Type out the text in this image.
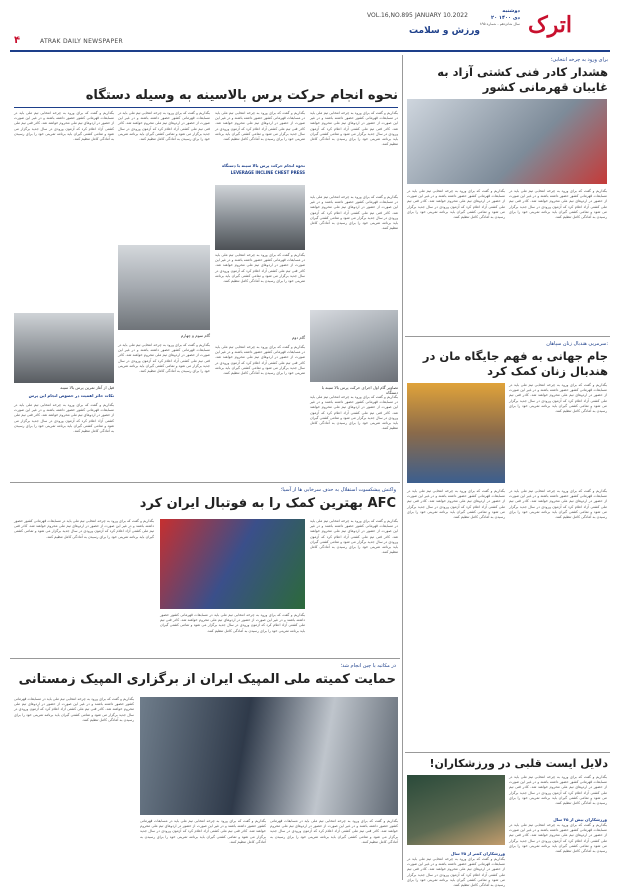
اترک
دوشنبه
۲۰ دی ۱۴۰۰
سال شانزدهم - شماره ۸۹۵
VOL.16,NO.895 JANUARY 10.2022
ورزش و سلامت
۴	ATRAK DAILY NEWSPAPER
برای ورود به چرخه انتخابی؛
هشدار کادر فنی کشتی آزاد به غایبان قهرمانی کشور
بگذاریم و گفت که برای ورود به چرخه انتخابی تیم ملی باید در مسابقات قهرمانی کشور حضور داشته باشند و در غیر این صورت از حضور در اردوهای تیم ملی محروم خواهند شد. کادر فنی تیم ملی کشتی آزاد اعلام کرد که آزمون ورودی در سال جدید برگزار می شود و تمامی کشتی گیران باید برنامه تمرینی خود را برای رسیدن به آمادگی کامل تنظیم کنند.
بگذاریم و گفت که برای ورود به چرخه انتخابی تیم ملی باید در مسابقات قهرمانی کشور حضور داشته باشند و در غیر این صورت از حضور در اردوهای تیم ملی محروم خواهند شد. کادر فنی تیم ملی کشتی آزاد اعلام کرد که آزمون ورودی در سال جدید برگزار می شود و تمامی کشتی گیران باید برنامه تمرینی خود را برای رسیدن به آمادگی کامل تنظیم کنند.
سرمربی هندبال زنان سپاهان:
جام جهانی به فهم جایگاه مان در هندبال زنان کمک کرد
بگذاریم و گفت که برای ورود به چرخه انتخابی تیم ملی باید در مسابقات قهرمانی کشور حضور داشته باشند و در غیر این صورت از حضور در اردوهای تیم ملی محروم خواهند شد. کادر فنی تیم ملی کشتی آزاد اعلام کرد که آزمون ورودی در سال جدید برگزار می شود و تمامی کشتی گیران باید برنامه تمرینی خود را برای رسیدن به آمادگی کامل تنظیم کنند.
بگذاریم و گفت که برای ورود به چرخه انتخابی تیم ملی باید در مسابقات قهرمانی کشور حضور داشته باشند و در غیر این صورت از حضور در اردوهای تیم ملی محروم خواهند شد. کادر فنی تیم ملی کشتی آزاد اعلام کرد که آزمون ورودی در سال جدید برگزار می شود و تمامی کشتی گیران باید برنامه تمرینی خود را برای رسیدن به آمادگی کامل تنظیم کنند.
بگذاریم و گفت که برای ورود به چرخه انتخابی تیم ملی باید در مسابقات قهرمانی کشور حضور داشته باشند و در غیر این صورت از حضور در اردوهای تیم ملی محروم خواهند شد. کادر فنی تیم ملی کشتی آزاد اعلام کرد که آزمون ورودی در سال جدید برگزار می شود و تمامی کشتی گیران باید برنامه تمرینی خود را برای رسیدن به آمادگی کامل تنظیم کنند.
دلایل ایست قلبی در ورزشکاران!
بگذاریم و گفت که برای ورود به چرخه انتخابی تیم ملی باید در مسابقات قهرمانی کشور حضور داشته باشند و در غیر این صورت از حضور در اردوهای تیم ملی محروم خواهند شد. کادر فنی تیم ملی کشتی آزاد اعلام کرد که آزمون ورودی در سال جدید برگزار می شود و تمامی کشتی گیران باید برنامه تمرینی خود را برای رسیدن به آمادگی کامل تنظیم کنند.
ورزشکاران بیش از ۳۵ سال
بگذاریم و گفت که برای ورود به چرخه انتخابی تیم ملی باید در مسابقات قهرمانی کشور حضور داشته باشند و در غیر این صورت از حضور در اردوهای تیم ملی محروم خواهند شد. کادر فنی تیم ملی کشتی آزاد اعلام کرد که آزمون ورودی در سال جدید برگزار می شود و تمامی کشتی گیران باید برنامه تمرینی خود را برای رسیدن به آمادگی کامل تنظیم کنند.
ورزشکاران کمتر از ۳۵ سال
بگذاریم و گفت که برای ورود به چرخه انتخابی تیم ملی باید در مسابقات قهرمانی کشور حضور داشته باشند و در غیر این صورت از حضور در اردوهای تیم ملی محروم خواهند شد. کادر فنی تیم ملی کشتی آزاد اعلام کرد که آزمون ورودی در سال جدید برگزار می شود و تمامی کشتی گیران باید برنامه تمرینی خود را برای رسیدن به آمادگی کامل تنظیم کنند.
نحوه انجام حرکت پرس بالاسینه به وسیله دستگاه
بگذاریم و گفت که برای ورود به چرخه انتخابی تیم ملی باید در مسابقات قهرمانی کشور حضور داشته باشند و در غیر این صورت از حضور در اردوهای تیم ملی محروم خواهند شد. کادر فنی تیم ملی کشتی آزاد اعلام کرد که آزمون ورودی در سال جدید برگزار می شود و تمامی کشتی گیران باید برنامه تمرینی خود را برای رسیدن به آمادگی کامل تنظیم کنند.
بگذاریم و گفت که برای ورود به چرخه انتخابی تیم ملی باید در مسابقات قهرمانی کشور حضور داشته باشند و در غیر این صورت از حضور در اردوهای تیم ملی محروم خواهند شد. کادر فنی تیم ملی کشتی آزاد اعلام کرد که آزمون ورودی در سال جدید برگزار می شود و تمامی کشتی گیران باید برنامه تمرینی خود را برای رسیدن به آمادگی کامل تنظیم کنند.
تصاویر گام اول اجرای حرکت پرس بالا سینه با دستگاه
بگذاریم و گفت که برای ورود به چرخه انتخابی تیم ملی باید در مسابقات قهرمانی کشور حضور داشته باشند و در غیر این صورت از حضور در اردوهای تیم ملی محروم خواهند شد. کادر فنی تیم ملی کشتی آزاد اعلام کرد که آزمون ورودی در سال جدید برگزار می شود و تمامی کشتی گیران باید برنامه تمرینی خود را برای رسیدن به آمادگی کامل تنظیم کنند.
بگذاریم و گفت که برای ورود به چرخه انتخابی تیم ملی باید در مسابقات قهرمانی کشور حضور داشته باشند و در غیر این صورت از حضور در اردوهای تیم ملی محروم خواهند شد. کادر فنی تیم ملی کشتی آزاد اعلام کرد که آزمون ورودی در سال جدید برگزار می شود و تمامی کشتی گیران باید برنامه تمرینی خود را برای رسیدن به آمادگی کامل تنظیم کنند.
نحوه انجام حرکت پرس بالا سینه با دستگاه
LEVERAGE INCLINE CHEST PRESS
بگذاریم و گفت که برای ورود به چرخه انتخابی تیم ملی باید در مسابقات قهرمانی کشور حضور داشته باشند و در غیر این صورت از حضور در اردوهای تیم ملی محروم خواهند شد. کادر فنی تیم ملی کشتی آزاد اعلام کرد که آزمون ورودی در سال جدید برگزار می شود و تمامی کشتی گیران باید برنامه تمرینی خود را برای رسیدن به آمادگی کامل تنظیم کنند.
گام دوم
بگذاریم و گفت که برای ورود به چرخه انتخابی تیم ملی باید در مسابقات قهرمانی کشور حضور داشته باشند و در غیر این صورت از حضور در اردوهای تیم ملی محروم خواهند شد. کادر فنی تیم ملی کشتی آزاد اعلام کرد که آزمون ورودی در سال جدید برگزار می شود و تمامی کشتی گیران باید برنامه تمرینی خود را برای رسیدن به آمادگی کامل تنظیم کنند.
بگذاریم و گفت که برای ورود به چرخه انتخابی تیم ملی باید در مسابقات قهرمانی کشور حضور داشته باشند و در غیر این صورت از حضور در اردوهای تیم ملی محروم خواهند شد. کادر فنی تیم ملی کشتی آزاد اعلام کرد که آزمون ورودی در سال جدید برگزار می شود و تمامی کشتی گیران باید برنامه تمرینی خود را برای رسیدن به آمادگی کامل تنظیم کنند.
گام سوم و چهارم
بگذاریم و گفت که برای ورود به چرخه انتخابی تیم ملی باید در مسابقات قهرمانی کشور حضور داشته باشند و در غیر این صورت از حضور در اردوهای تیم ملی محروم خواهند شد. کادر فنی تیم ملی کشتی آزاد اعلام کرد که آزمون ورودی در سال جدید برگزار می شود و تمامی کشتی گیران باید برنامه تمرینی خود را برای رسیدن به آمادگی کامل تنظیم کنند.
بگذاریم و گفت که برای ورود به چرخه انتخابی تیم ملی باید در مسابقات قهرمانی کشور حضور داشته باشند و در غیر این صورت از حضور در اردوهای تیم ملی محروم خواهند شد. کادر فنی تیم ملی کشتی آزاد اعلام کرد که آزمون ورودی در سال جدید برگزار می شود و تمامی کشتی گیران باید برنامه تمرینی خود را برای رسیدن به آمادگی کامل تنظیم کنند.
فیل از آغاز تمرین پرس بالا سینه
تکات حائز اهمیت در خصوص انجام این پرس
بگذاریم و گفت که برای ورود به چرخه انتخابی تیم ملی باید در مسابقات قهرمانی کشور حضور داشته باشند و در غیر این صورت از حضور در اردوهای تیم ملی محروم خواهند شد. کادر فنی تیم ملی کشتی آزاد اعلام کرد که آزمون ورودی در سال جدید برگزار می شود و تمامی کشتی گیران باید برنامه تمرینی خود را برای رسیدن به آمادگی کامل تنظیم کنند.
واکنش پیشکسوت استقلال به حذف سرخابی ها از آسیا؛
AFC بهترین کمک را به فوتبال ایران کرد
بگذاریم و گفت که برای ورود به چرخه انتخابی تیم ملی باید در مسابقات قهرمانی کشور حضور داشته باشند و در غیر این صورت از حضور در اردوهای تیم ملی محروم خواهند شد. کادر فنی تیم ملی کشتی آزاد اعلام کرد که آزمون ورودی در سال جدید برگزار می شود و تمامی کشتی گیران باید برنامه تمرینی خود را برای رسیدن به آمادگی کامل تنظیم کنند.
بگذاریم و گفت که برای ورود به چرخه انتخابی تیم ملی باید در مسابقات قهرمانی کشور حضور داشته باشند و در غیر این صورت از حضور در اردوهای تیم ملی محروم خواهند شد. کادر فنی تیم ملی کشتی آزاد اعلام کرد که آزمون ورودی در سال جدید برگزار می شود و تمامی کشتی گیران باید برنامه تمرینی خود را برای رسیدن به آمادگی کامل تنظیم کنند.
بگذاریم و گفت که برای ورود به چرخه انتخابی تیم ملی باید در مسابقات قهرمانی کشور حضور داشته باشند و در غیر این صورت از حضور در اردوهای تیم ملی محروم خواهند شد. کادر فنی تیم ملی کشتی آزاد اعلام کرد که آزمون ورودی در سال جدید برگزار می شود و تمامی کشتی گیران باید برنامه تمرینی خود را برای رسیدن به آمادگی کامل تنظیم کنند.
در مکاتبه با چین انجام شد؛
حمایت کمیته ملی المپیک ایران از برگزاری المپیک زمستانی
بگذاریم و گفت که برای ورود به چرخه انتخابی تیم ملی باید در مسابقات قهرمانی کشور حضور داشته باشند و در غیر این صورت از حضور در اردوهای تیم ملی محروم خواهند شد. کادر فنی تیم ملی کشتی آزاد اعلام کرد که آزمون ورودی در سال جدید برگزار می شود و تمامی کشتی گیران باید برنامه تمرینی خود را برای رسیدن به آمادگی کامل تنظیم کنند.
بگذاریم و گفت که برای ورود به چرخه انتخابی تیم ملی باید در مسابقات قهرمانی کشور حضور داشته باشند و در غیر این صورت از حضور در اردوهای تیم ملی محروم خواهند شد. کادر فنی تیم ملی کشتی آزاد اعلام کرد که آزمون ورودی در سال جدید برگزار می شود و تمامی کشتی گیران باید برنامه تمرینی خود را برای رسیدن به آمادگی کامل تنظیم کنند.
بگذاریم و گفت که برای ورود به چرخه انتخابی تیم ملی باید در مسابقات قهرمانی کشور حضور داشته باشند و در غیر این صورت از حضور در اردوهای تیم ملی محروم خواهند شد. کادر فنی تیم ملی کشتی آزاد اعلام کرد که آزمون ورودی در سال جدید برگزار می شود و تمامی کشتی گیران باید برنامه تمرینی خود را برای رسیدن به آمادگی کامل تنظیم کنند.
